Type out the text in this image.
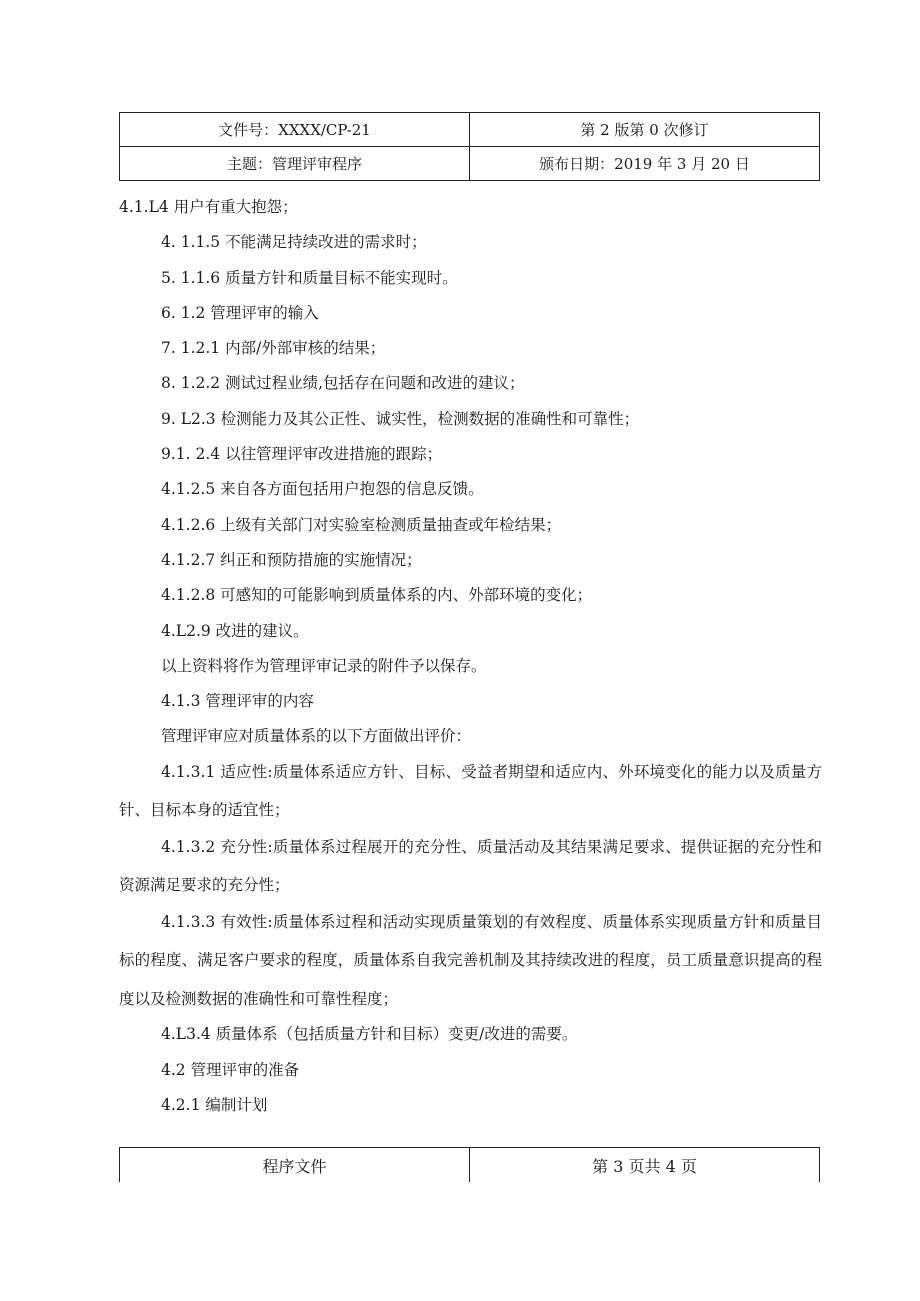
文件号：XXXX/CP-21	第 2 版第 0 次修订
主题：管理评审程序	颁布日期：2019 年 3 月 20 日
4.1.L4 用户有重大抱怨；
4. 1.1.5 不能满足持续改进的需求时；
5. 1.1.6 质量方针和质量目标不能实现时。
6. 1.2 管理评审的输入
7. 1.2.1 内部/外部审核的结果；
8. 1.2.2 测试过程业绩,包括存在问题和改进的建议；
9. L2.3 检测能力及其公正性、诚实性，检测数据的准确性和可靠性；
9.1. 2.4 以往管理评审改进措施的跟踪；
4.1.2.5 来自各方面包括用户抱怨的信息反馈。
4.1.2.6 上级有关部门对实验室检测质量抽查或年检结果；
4.1.2.7 纠正和预防措施的实施情况；
4.1.2.8 可感知的可能影响到质量体系的内、外部环境的变化；
4.L2.9 改进的建议。
以上资料将作为管理评审记录的附件予以保存。
4.1.3 管理评审的内容
管理评审应对质量体系的以下方面做出评价：
4.1.3.1 适应性:质量体系适应方针、目标、受益者期望和适应内、外环境变化的能力以及质量方针、目标本身的适宜性；
4.1.3.2 充分性:质量体系过程展开的充分性、质量活动及其结果满足要求、提供证据的充分性和资源满足要求的充分性；
4.1.3.3 有效性:质量体系过程和活动实现质量策划的有效程度、质量体系实现质量方针和质量目标的程度、满足客户要求的程度，质量体系自我完善机制及其持续改进的程度，员工质量意识提高的程度以及检测数据的准确性和可靠性程度；
4.L3.4 质量体系（包括质量方针和目标）变更/改进的需要。
4.2 管理评审的准备
4.2.1 编制计划
程序文件	第 3 页共 4 页
